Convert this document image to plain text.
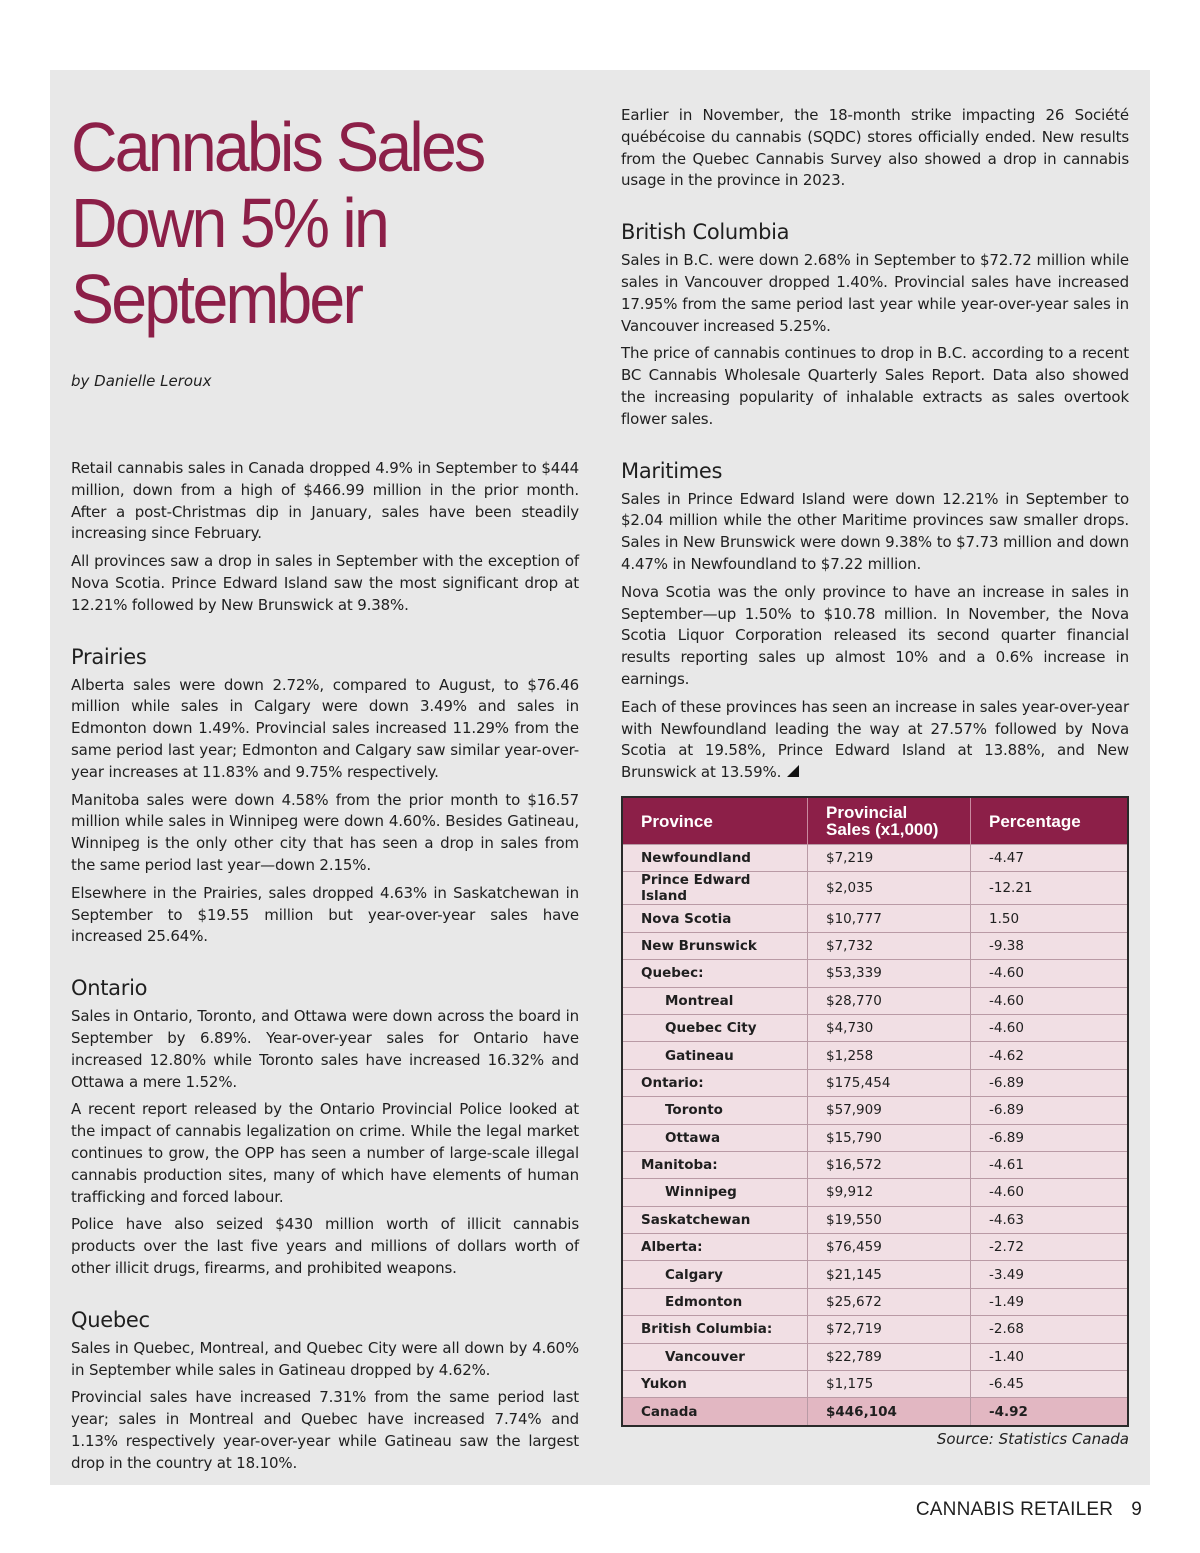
Cannabis Sales
Down 5% in
September
by Danielle Leroux

Retail cannabis sales in Canada dropped 4.9% in September to $444 million, down from a high of $466.99 million in the prior month. After a post-Christmas dip in January, sales have been steadily increasing since February.

All provinces saw a drop in sales in September with the exception of Nova Scotia. Prince Edward Island saw the most significant drop at 12.21% followed by New Brunswick at 9.38%.

Prairies

Alberta sales were down 2.72%, compared to August, to $76.46 million while sales in Calgary were down 3.49% and sales in Edmonton down 1.49%. Provincial sales increased 11.29% from the same period last year; Edmonton and Calgary saw similar year-over-year increases at 11.83% and 9.75% respectively.

Manitoba sales were down 4.58% from the prior month to $16.57 million while sales in Winnipeg were down 4.60%. Besides Gatineau, Winnipeg is the only other city that has seen a drop in sales from the same period last year—down 2.15%.

Elsewhere in the Prairies, sales dropped 4.63% in Saskatchewan in September to $19.55 million but year-over-year sales have increased 25.64%.

Ontario

Sales in Ontario, Toronto, and Ottawa were down across the board in September by 6.89%. Year-over-year sales for Ontario have increased 12.80% while Toronto sales have increased 16.32% and Ottawa a mere 1.52%.

A recent report released by the Ontario Provincial Police looked at the impact of cannabis legalization on crime. While the legal market continues to grow, the OPP has seen a number of large-scale illegal cannabis production sites, many of which have elements of human trafficking and forced labour.

Police have also seized $430 million worth of illicit cannabis products over the last five years and millions of dollars worth of other illicit drugs, firearms, and prohibited weapons.

Quebec

Sales in Quebec, Montreal, and Quebec City were all down by 4.60% in September while sales in Gatineau dropped by 4.62%.

Provincial sales have increased 7.31% from the same period last year; sales in Montreal and Quebec have increased 7.74% and 1.13% respectively year-over-year while Gatineau saw the largest drop in the country at 18.10%.

Earlier in November, the 18-month strike impacting 26 Société québécoise du cannabis (SQDC) stores officially ended. New results from the Quebec Cannabis Survey also showed a drop in cannabis usage in the province in 2023.

British Columbia

Sales in B.C. were down 2.68% in September to $72.72 million while sales in Vancouver dropped 1.40%. Provincial sales have increased 17.95% from the same period last year while year-over-year sales in Vancouver increased 5.25%.

The price of cannabis continues to drop in B.C. according to a recent BC Cannabis Wholesale Quarterly Sales Report. Data also showed the increasing popularity of inhalable extracts as sales overtook flower sales.

Maritimes

Sales in Prince Edward Island were down 12.21% in September to $2.04 million while the other Maritime provinces saw smaller drops. Sales in New Brunswick were down 9.38% to $7.73 million and down 4.47% in Newfoundland to $7.22 million.

Nova Scotia was the only province to have an increase in sales in September—up 1.50% to $10.78 million. In November, the Nova Scotia Liquor Corporation released its second quarter financial results reporting sales up almost 10% and a 0.6% increase in earnings.

Each of these provinces has seen an increase in sales year-over-year with Newfoundland leading the way at 27.57% followed by Nova Scotia at 19.58%, Prince Edward Island at 13.88%, and New Brunswick at 13.59%.

Province	Provincial Sales (x1,000)	Percentage
Newfoundland	$7,219	-4.47
Prince Edward Island	$2,035	-12.21
Nova Scotia	$10,777	1.50
New Brunswick	$7,732	-9.38
Quebec:	$53,339	-4.60
Montreal	$28,770	-4.60
Quebec City	$4,730	-4.60
Gatineau	$1,258	-4.62
Ontario:	$175,454	-6.89
Toronto	$57,909	-6.89
Ottawa	$15,790	-6.89
Manitoba:	$16,572	-4.61
Winnipeg	$9,912	-4.60
Saskatchewan	$19,550	-4.63
Alberta:	$76,459	-2.72
Calgary	$21,145	-3.49
Edmonton	$25,672	-1.49
British Columbia:	$72,719	-2.68
Vancouver	$22,789	-1.40
Yukon	$1,175	-6.45
Canada	$446,104	-4.92
Source: Statistics Canada
CANNABIS RETAILER 9
